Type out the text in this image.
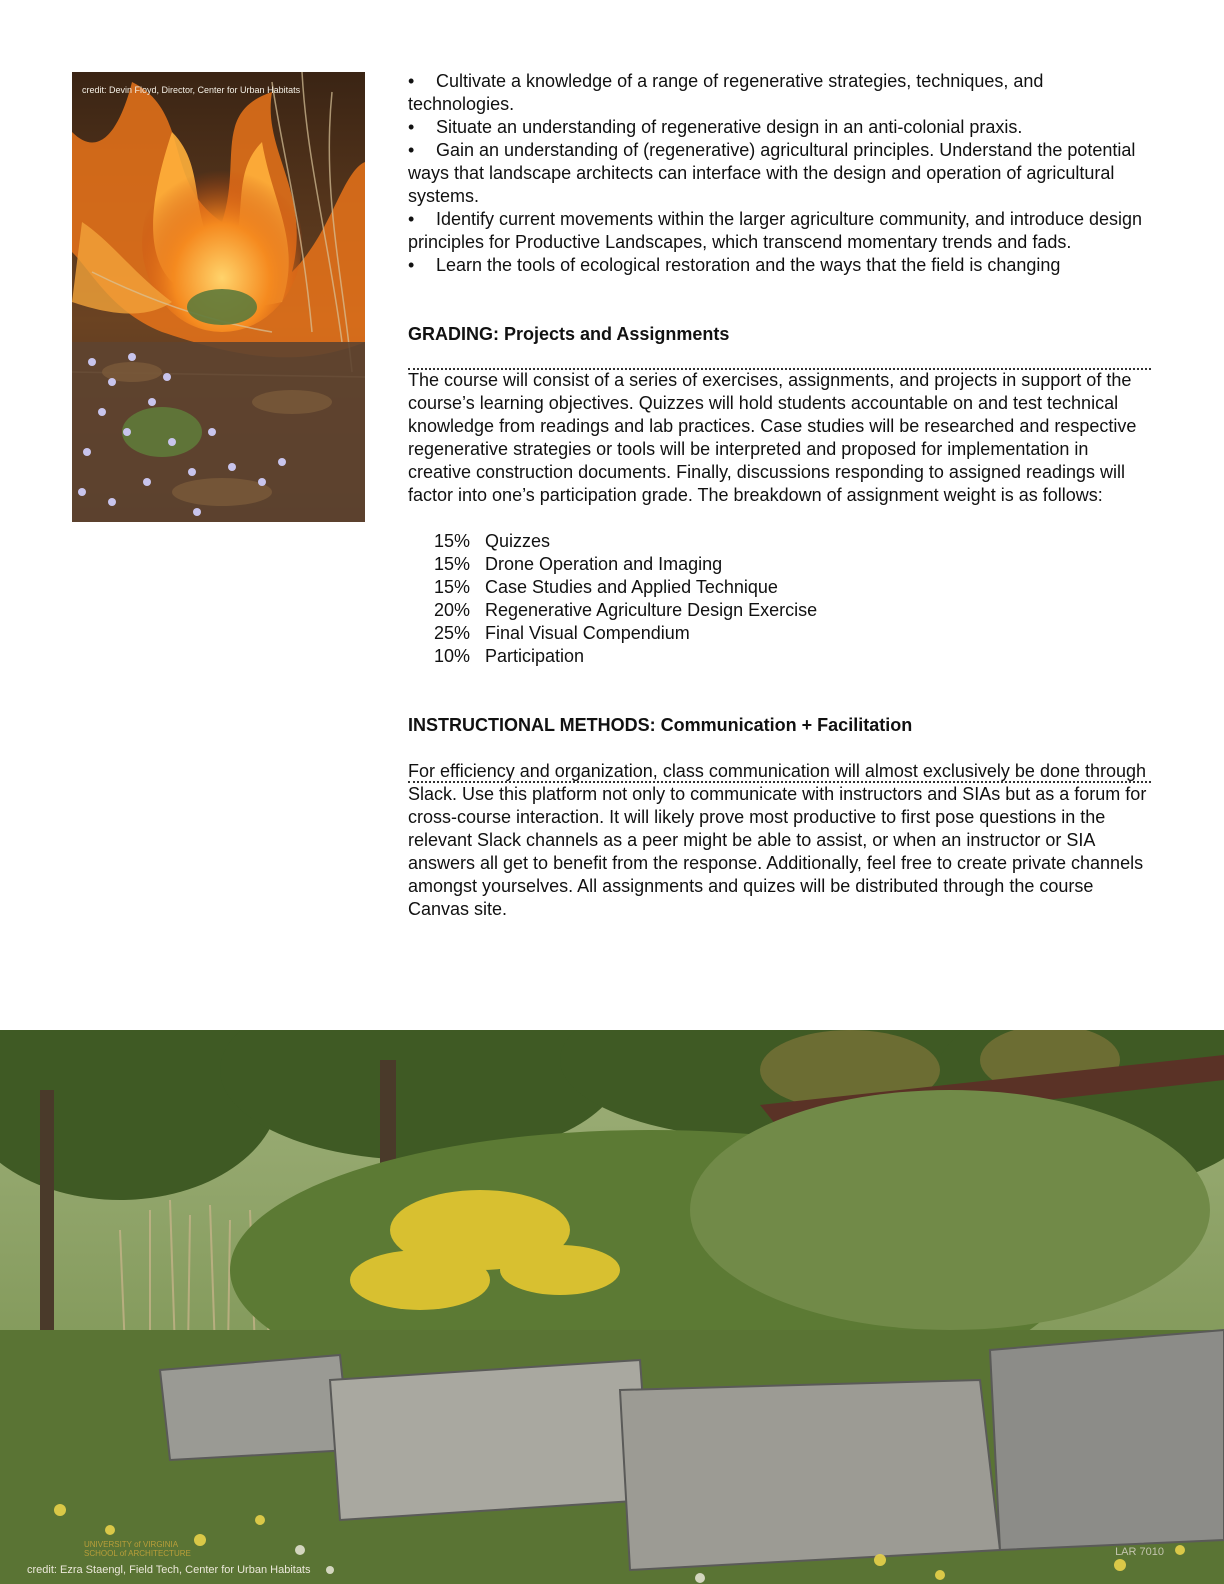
credit: Devin Floyd, Director, Center for Urban Habitats	• Cultivate a knowledge of a range of regenerative strategies, techniques, and technologies.
• Situate an understanding of regenerative design in an anti-colonial praxis.
• Gain an understanding of (regenerative) agricultural principles. Understand the potential ways that landscape architects can interface with the design and operation of agricultural systems.
• Identify current movements within the larger agriculture community, and introduce design principles for Productive Landscapes, which transcend momentary trends and fads.
• Learn the tools of ecological restoration and the ways that the field is changing
GRADING: Projects and Assignments

The course will consist of a series of exercises, assignments, and projects in support of the course’s learning objectives. Quizzes will hold students accountable on and test technical knowledge from readings and lab practices. Case studies will be researched and respective regenerative strategies or tools will be interpreted and proposed for implementation in creative construction documents. Finally, discussions responding to assigned readings will factor into one’s participation grade. The breakdown of assignment weight is as follows:

15% Quizzes
15% Drone Operation and Imaging
15% Case Studies and Applied Technique
20% Regenerative Agriculture Design Exercise
25% Final Visual Compendium
10% Participation
INSTRUCTIONAL METHODS: Communication + Facilitation

For efficiency and organization, class communication will almost exclusively be done through Slack. Use this platform not only to communicate with instructors and SIAs but as a forum for cross-course interaction. It will likely prove most productive to first pose questions in the relevant Slack channels as a peer might be able to assist, or when an instructor or SIA answers all get to benefit from the response. Additionally, feel free to create private channels amongst yourselves. All assignments and quizes will be distributed through the course Canvas site.

UNIVERSITY of VIRGINIA
SCHOOL of ARCHITECTURE	LAR 7010
credit: Ezra Staengl, Field Tech, Center for Urban Habitats
